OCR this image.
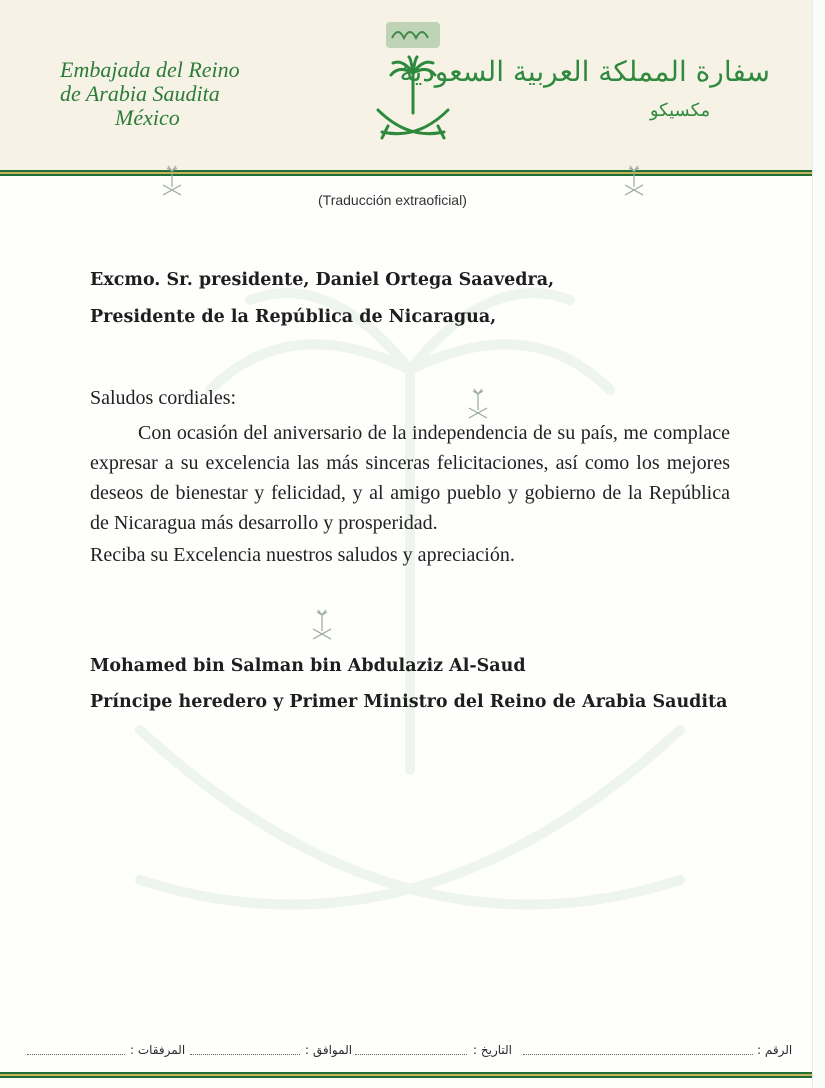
Embajada del Reino
de Arabia Saudita
México
سفارة المملكة العربية السعودية
مكسيكو
(Traducción extraoficial)
Excmo. Sr. presidente, Daniel Ortega Saavedra,
Presidente de la República de Nicaragua,
Saludos cordiales:
Con ocasión del aniversario de la independencia de su país, me complace expresar a su excelencia las más sinceras felicitaciones, así como los mejores deseos de bienestar y felicidad, y al amigo pueblo y gobierno de la República de Nicaragua más desarrollo y prosperidad.
Reciba su Excelencia nuestros saludos y apreciación.
Mohamed bin Salman bin Abdulaziz Al-Saud
Príncipe heredero y Primer Ministro del Reino de Arabia Saudita
الرقم :
التاريخ :
الموافق :
المرفقات :
